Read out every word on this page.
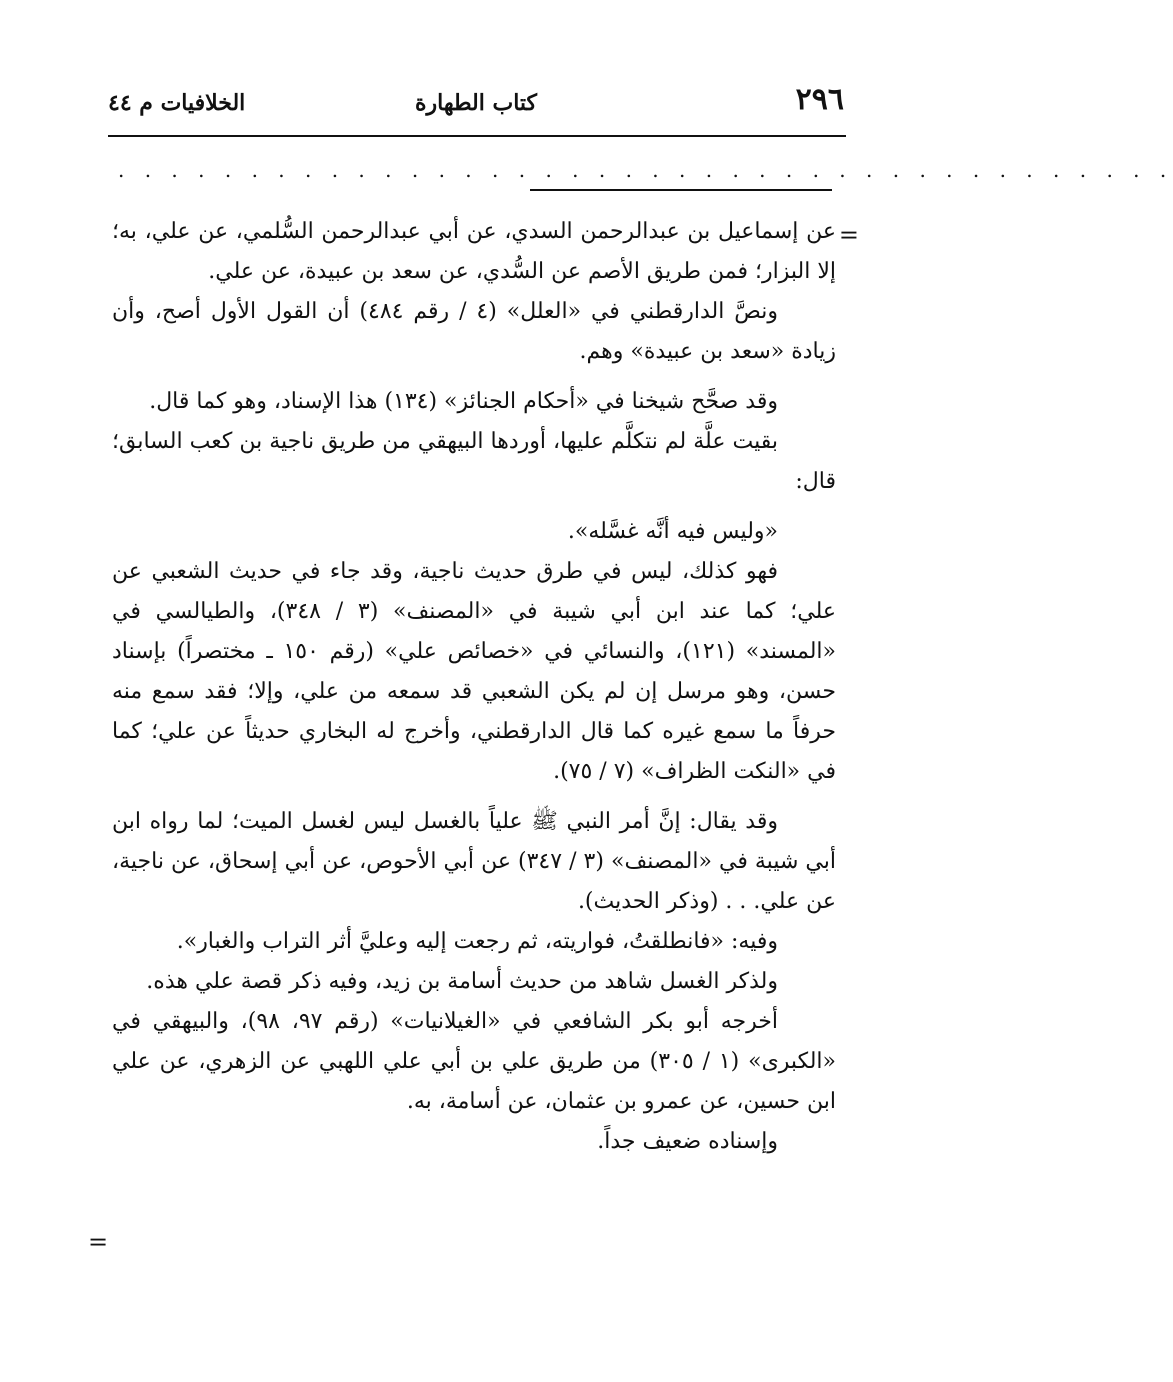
٢٩٦
كتاب الطهارة
الخلافيات م ٤٤
. . . . . . . . . . . . . . . . . . . . . . . . . . . . . . . . . . . . . . . .
=

عن إسماعيل بن عبدالرحمن السدي، عن أبي عبدالرحمن السُّلمي، عن علي، به؛ إلا البزار؛ فمن طريق الأصم عن السُّدي، عن سعد بن عبيدة، عن علي.

ونصَّ الدارقطني في «العلل» (٤ / رقم ٤٨٤) أن القول الأول أصح، وأن زيادة «سعد بن عبيدة» وهم.

وقد صحَّح شيخنا في «أحكام الجنائز» (١٣٤) هذا الإسناد، وهو كما قال.

بقيت علَّة لم نتكلَّم عليها، أوردها البيهقي من طريق ناجية بن كعب السابق؛ قال:

«وليس فيه أنَّه غسَّله».

فهو كذلك، ليس في طرق حديث ناجية، وقد جاء في حديث الشعبي عن علي؛ كما عند ابن أبي شيبة في «المصنف» (٣ / ٣٤٨)، والطيالسي في «المسند» (١٢١)، والنسائي في «خصائص علي» (رقم ١٥٠ ـ مختصراً) بإسناد حسن، وهو مرسل إن لم يكن الشعبي قد سمعه من علي، وإلا؛ فقد سمع منه حرفاً ما سمع غيره كما قال الدارقطني، وأخرج له البخاري حديثاً عن علي؛ كما في «النكت الظراف» (٧ / ٧٥).

وقد يقال: إنَّ أمر النبي ﷺ علياً بالغسل ليس لغسل الميت؛ لما رواه ابن أبي شيبة في «المصنف» (٣ / ٣٤٧) عن أبي الأحوص، عن أبي إسحاق، عن ناجية، عن علي. . . (وذكر الحديث).

وفيه: «فانطلقتُ، فواريته، ثم رجعت إليه وعليَّ أثر التراب والغبار».

ولذكر الغسل شاهد من حديث أسامة بن زيد، وفيه ذكر قصة علي هذه.

أخرجه أبو بكر الشافعي في «الغيلانيات» (رقم ٩٧، ٩٨)، والبيهقي في «الكبرى» (١ / ٣٠٥) من طريق علي بن أبي علي اللهبي عن الزهري، عن علي ابن حسين، عن عمرو بن عثمان، عن أسامة، به.

وإسناده ضعيف جداً.

=
